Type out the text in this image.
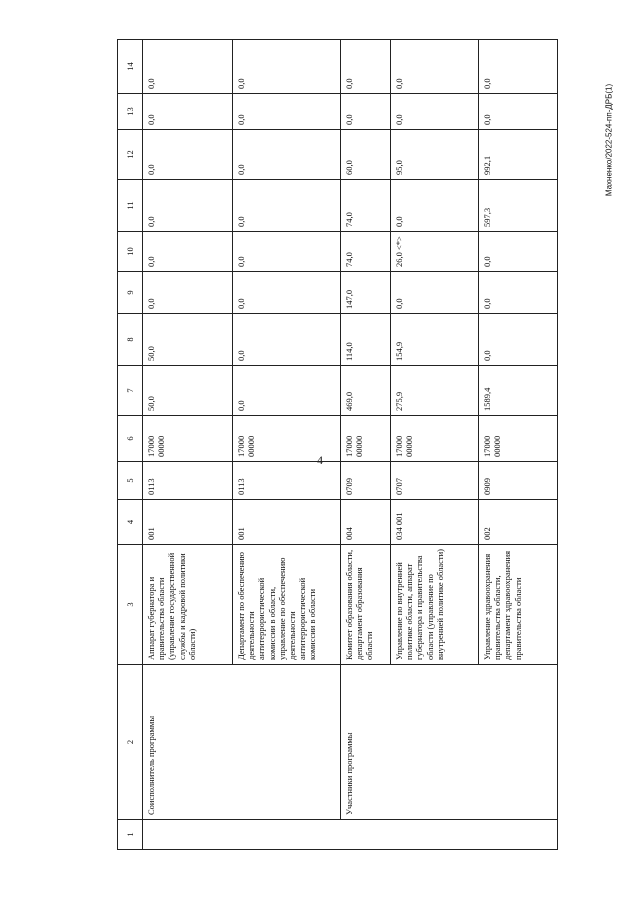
4
Махненко/2022-524-пп-ДРБ(1)
1	2	3	4	5	6	7	8	9	10	11	12	13	14
	Соисполнитель программы	Аппарат губернатора и правительства области (управление государственной службы и кадровой политики области)	001	0113	17000 00000	50,0	50,0	0,0	0,0	0,0	0,0	0,0	0,0
		Департамент по обеспечению деятельности антитеррористической комиссии в области, управление по обеспечению деятельности антитеррористической комиссии в области	001	0113	17000 00000	0,0	0,0	0,0	0,0	0,0	0,0	0,0	0,0
	Участники программы	Комитет образования области, департамент образования области	004	0709	17000 00000	469,0	114,0	147,0	74,0	74,0	60,0	0,0	0,0
		Управление по внутренней политике области, аппарат губернатора и правительства области (управление по внутренней политике области)	034 001	0707	17000 00000	275,9	154,9	0,0	26,0 <*>	0,0	95,0	0,0	0,0
		Управление здравоохранения правительства области, департамент здравоохранения правительства области	002	0909	17000 00000	1589,4	0,0	0,0	0,0	597,3	992,1	0,0	0,0
